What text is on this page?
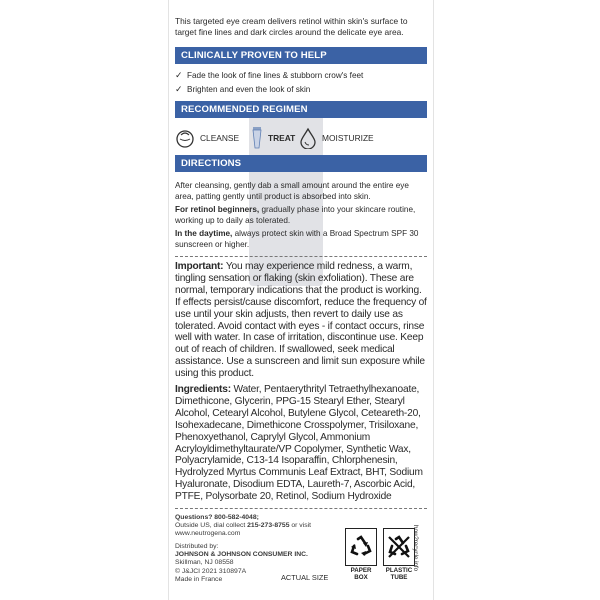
This targeted eye cream delivers retinol within skin's surface to target fine lines and dark circles around the delicate eye area.
CLINICALLY PROVEN TO HELP
✓ Fade the look of fine lines & stubborn crow's feet
✓ Brighten and even the look of skin
RECOMMENDED REGIMEN
CLEANSE	TREAT	MOISTURIZE
DIRECTIONS
After cleansing, gently dab a small amount around the entire eye area, patting gently until product is absorbed into skin.
For retinol beginners, gradually phase into your skincare routine, working up to daily as tolerated.
In the daytime, always protect skin with a Broad Spectrum SPF 30 sunscreen or higher.
Important: You may experience mild redness, a warm, tingling sensation or flaking (skin exfoliation). These are normal, temporary indications that the product is working. If effects persist/cause discomfort, reduce the frequency of use until your skin adjusts, then revert to daily use as tolerated. Avoid contact with eyes - if contact occurs, rinse well with water. In case of irritation, discontinue use. Keep out of reach of children. If swallowed, seek medical assistance. Use a sunscreen and limit sun exposure while using this product.
Ingredients: Water, Pentaerythrityl Tetraethylhexanoate, Dimethicone, Glycerin, PPG-15 Stearyl Ether, Stearyl Alcohol, Cetearyl Alcohol, Butylene Glycol, Ceteareth-20, Isohexadecane, Dimethicone Crosspolymer, Trisiloxane, Phenoxyethanol, Caprylyl Glycol, Ammonium Acryloyldimethyltaurate/VP Copolymer, Synthetic Wax, Polyacrylamide, C13-14 Isoparaffin, Chlorphenesin, Hydrolyzed Myrtus Communis Leaf Extract, BHT, Sodium Hyaluronate, Disodium EDTA, Laureth-7, Ascorbic Acid, PTFE, Polysorbate 20, Retinol, Sodium Hydroxide
Questions? 800-582-4048;
Outside US, dial collect 215-273-8755 or visit
www.neutrogena.com
Distributed by:
JOHNSON & JOHNSON CONSUMER INC.
Skillman, NJ 08558
© J&JCI 2021 310897A
Made in France	ACTUAL SIZE
PAPER
BOX
PLASTIC
TUBE
how2recycle.info
